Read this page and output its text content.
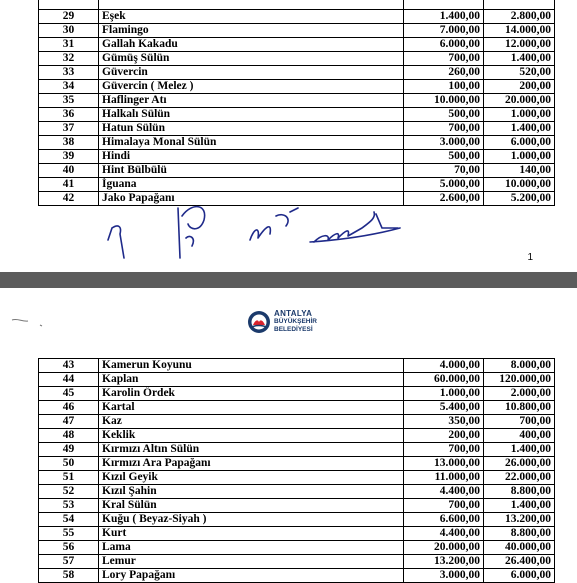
29	Eşek	1.400,00	2.800,00
30	Flamingo	7.000,00	14.000,00
31	Gallah Kakadu	6.000,00	12.000,00
32	Gümüş Sülün	700,00	1.400,00
33	Güvercin	260,00	520,00
34	Güvercin ( Melez )	100,00	200,00
35	Haflinger Atı	10.000,00	20.000,00
36	Halkalı Sülün	500,00	1.000,00
37	Hatun Sülün	700,00	1.400,00
38	Himalaya Monal Sülün	3.000,00	6.000,00
39	Hindi	500,00	1.000,00
40	Hint Bülbülü	70,00	140,00
41	İguana	5.000,00	10.000,00
42	Jako Papağanı	2.600,00	5.200,00
1
ANTALYA
BÜYÜKŞEHİR
BELEDİYESİ
43	Kamerun Koyunu	4.000,00	8.000,00
44	Kaplan	60.000,00	120.000,00
45	Karolin Ördek	1.000,00	2.000,00
46	Kartal	5.400,00	10.800,00
47	Kaz	350,00	700,00
48	Keklik	200,00	400,00
49	Kırmızı Altın Sülün	700,00	1.400,00
50	Kırmızı Ara Papağanı	13.000,00	26.000,00
51	Kızıl Geyik	11.000,00	22.000,00
52	Kızıl Şahin	4.400,00	8.800,00
53	Kral Sülün	700,00	1.400,00
54	Kuğu ( Beyaz-Siyah )	6.600,00	13.200,00
55	Kurt	4.400,00	8.800,00
56	Lama	20.000,00	40.000,00
57	Lemur	13.200,00	26.400,00
58	Lory Papağanı	3.000,00	6.000,00
